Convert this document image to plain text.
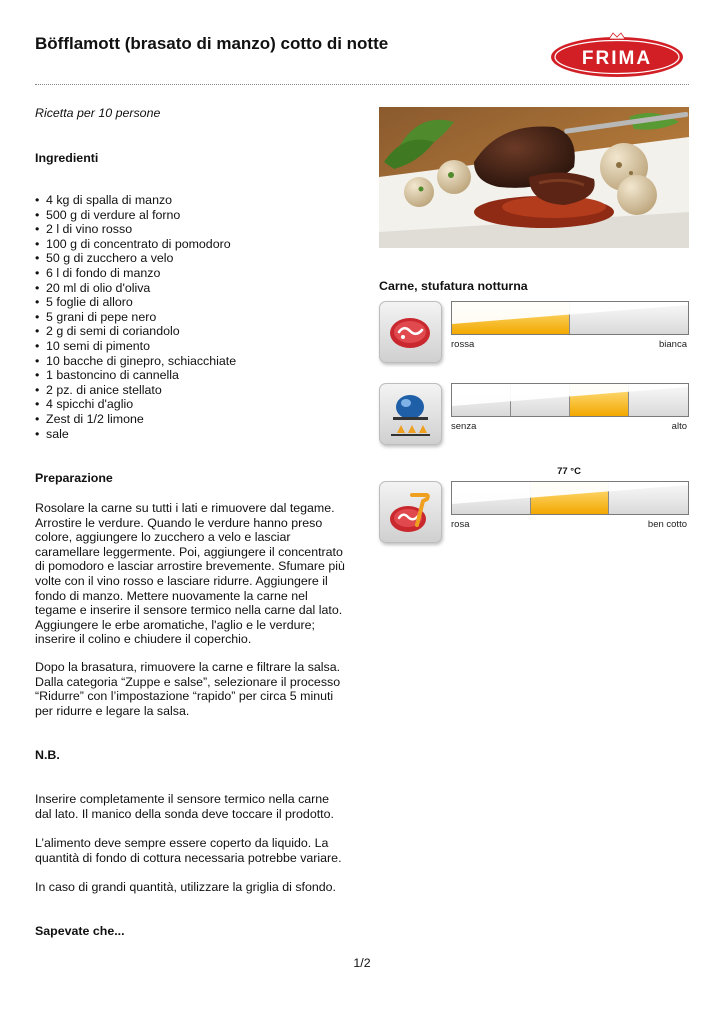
Böfflamott (brasato di manzo) cotto di notte
FRIMA

Ricetta per 10 persone

Ingredienti

• 4 kg di spalla di manzo
• 500 g di verdure al forno
• 2 l di vino rosso
• 100 g di concentrato di pomodoro
• 50 g di zucchero a velo
• 6 l di fondo di manzo
• 20 ml di olio d'oliva
• 5 foglie di alloro
• 5 grani di pepe nero
• 2 g di semi di coriandolo
• 10 semi di pimento
• 10 bacche di ginepro, schiacchiate
• 1 bastoncino di cannella
• 2 pz. di anice stellato
• 4 spicchi d'aglio
• Zest di 1/2 limone
• sale

Preparazione

Rosolare la carne su tutti i lati e rimuovere dal tegame. Arrostire le verdure. Quando le verdure hanno preso colore, aggiungere lo zucchero a velo e lasciar caramellare leggermente. Poi, aggiungere il concentrato di pomodoro e lasciar arrostire brevemente. Sfumare più volte con il vino rosso e lasciare ridurre. Aggiungere il fondo di manzo. Mettere nuovamente la carne nel tegame e inserire il sensore termico nella carne dal lato. Aggiungere le erbe aromatiche, l'aglio e le verdure; inserire il colino e chiudere il coperchio.

Dopo la brasatura, rimuovere la carne e filtrare la salsa. Dalla categoria “Zuppe e salse”, selezionare il processo “Ridurre” con l’impostazione “rapido” per circa 5 minuti per ridurre e legare la salsa.

N.B.

Inserire completamente il sensore termico nella carne dal lato. Il manico della sonda deve toccare il prodotto.

L’alimento deve sempre essere coperto da liquido. La quantità di fondo di cottura necessaria potrebbe variare.

In caso di grandi quantità, utilizzare la griglia di sfondo.

Sapevate che...

1/2

Carne, stufatura notturna

rossa	bianca
senza	alto
77 °C
rosa	ben cotto
